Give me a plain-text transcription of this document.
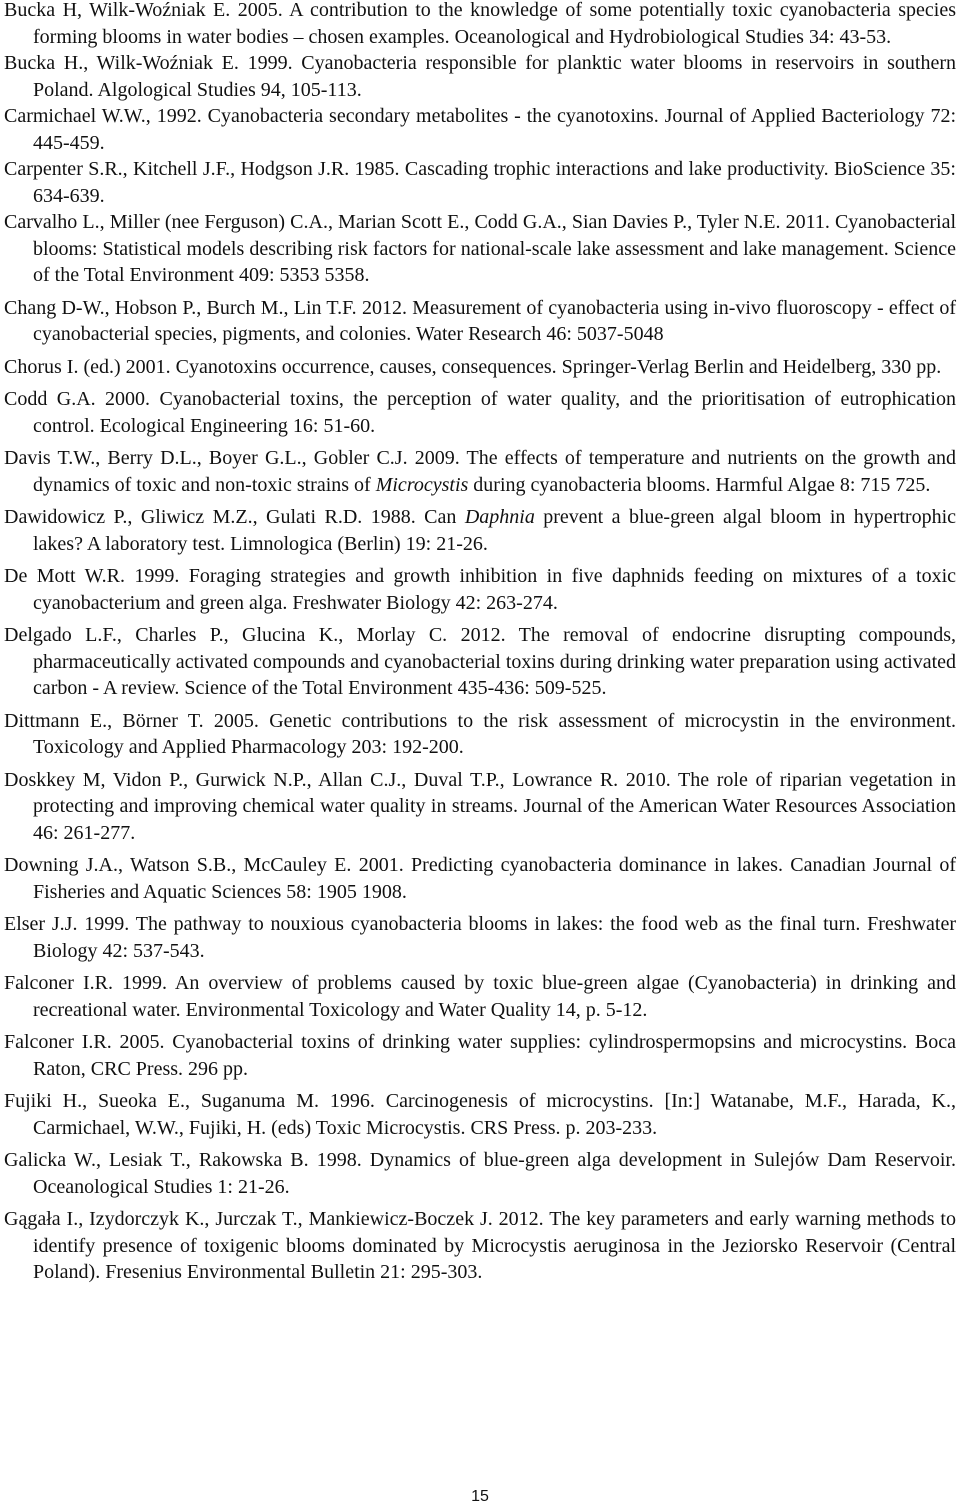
Bucka H, Wilk-Woźniak E. 2005. A contribution to the knowledge of some potentially toxic cyanobacteria species forming blooms in water bodies – chosen examples. Oceanological and Hydrobiological Studies 34: 43-53.

Bucka H., Wilk-Woźniak E. 1999. Cyanobacteria responsible for planktic water blooms in reservoirs in southern Poland. Algological Studies 94, 105-113.

Carmichael W.W., 1992. Cyanobacteria secondary metabolites - the cyanotoxins. Journal of Applied Bacteriology 72: 445-459.

Carpenter S.R., Kitchell J.F., Hodgson J.R. 1985. Cascading trophic interactions and lake productivity. BioScience 35: 634-639.

Carvalho L., Miller (nee Ferguson) C.A., Marian Scott E., Codd G.A., Sian Davies P., Tyler N.E. 2011. Cyanobacterial blooms: Statistical models describing risk factors for national-scale lake assessment and lake management. Science of the Total Environment 409: 5353 5358.

Chang D-W., Hobson P., Burch M., Lin T.F. 2012. Measurement of cyanobacteria using in-vivo fluoroscopy - effect of cyanobacterial species, pigments, and colonies. Water Research 46: 5037-5048

Chorus I. (ed.) 2001. Cyanotoxins occurrence, causes, consequences. Springer-Verlag Berlin and Heidelberg, 330 pp.

Codd G.A. 2000. Cyanobacterial toxins, the perception of water quality, and the prioritisation of eutrophication control. Ecological Engineering 16: 51-60.

Davis T.W., Berry D.L., Boyer G.L., Gobler C.J. 2009. The effects of temperature and nutrients on the growth and dynamics of toxic and non-toxic strains of Microcystis during cyanobacteria blooms. Harmful Algae 8: 715 725.

Dawidowicz P., Gliwicz M.Z., Gulati R.D. 1988. Can Daphnia prevent a blue-green algal bloom in hypertrophic lakes? A laboratory test. Limnologica (Berlin) 19: 21-26.

De Mott W.R. 1999. Foraging strategies and growth inhibition in five daphnids feeding on mixtures of a toxic cyanobacterium and green alga. Freshwater Biology 42: 263-274.

Delgado L.F., Charles P., Glucina K., Morlay C. 2012. The removal of endocrine disrupting compounds, pharmaceutically activated compounds and cyanobacterial toxins during drinking water preparation using activated carbon - A review. Science of the Total Environment 435-436: 509-525.

Dittmann E., Börner T. 2005. Genetic contributions to the risk assessment of microcystin in the environment. Toxicology and Applied Pharmacology 203: 192-200.

Doskkey M, Vidon P., Gurwick N.P., Allan C.J., Duval T.P., Lowrance R. 2010. The role of riparian vegetation in protecting and improving chemical water quality in streams. Journal of the American Water Resources Association 46: 261-277.

Downing J.A., Watson S.B., McCauley E. 2001. Predicting cyanobacteria dominance in lakes. Canadian Journal of Fisheries and Aquatic Sciences 58: 1905 1908.

Elser J.J. 1999. The pathway to nouxious cyanobacteria blooms in lakes: the food web as the final turn. Freshwater Biology 42: 537-543.

Falconer I.R. 1999. An overview of problems caused by toxic blue-green algae (Cyanobacteria) in drinking and recreational water. Environmental Toxicology and Water Quality 14, p. 5-12.

Falconer I.R. 2005. Cyanobacterial toxins of drinking water supplies: cylindrospermopsins and microcystins. Boca Raton, CRC Press. 296 pp.

Fujiki H., Sueoka E., Suganuma M. 1996. Carcinogenesis of microcystins. [In:] Watanabe, M.F., Harada, K., Carmichael, W.W., Fujiki, H. (eds) Toxic Microcystis. CRS Press. p. 203-233.

Galicka W., Lesiak T., Rakowska B. 1998. Dynamics of blue-green alga development in Sulejów Dam Reservoir. Oceanological Studies 1: 21-26.

Gągała I., Izydorczyk K., Jurczak T., Mankiewicz-Boczek J. 2012. The key parameters and early warning methods to identify presence of toxigenic blooms dominated by Microcystis aeruginosa in the Jeziorsko Reservoir (Central Poland). Fresenius Environmental Bulletin 21: 295-303.

15
